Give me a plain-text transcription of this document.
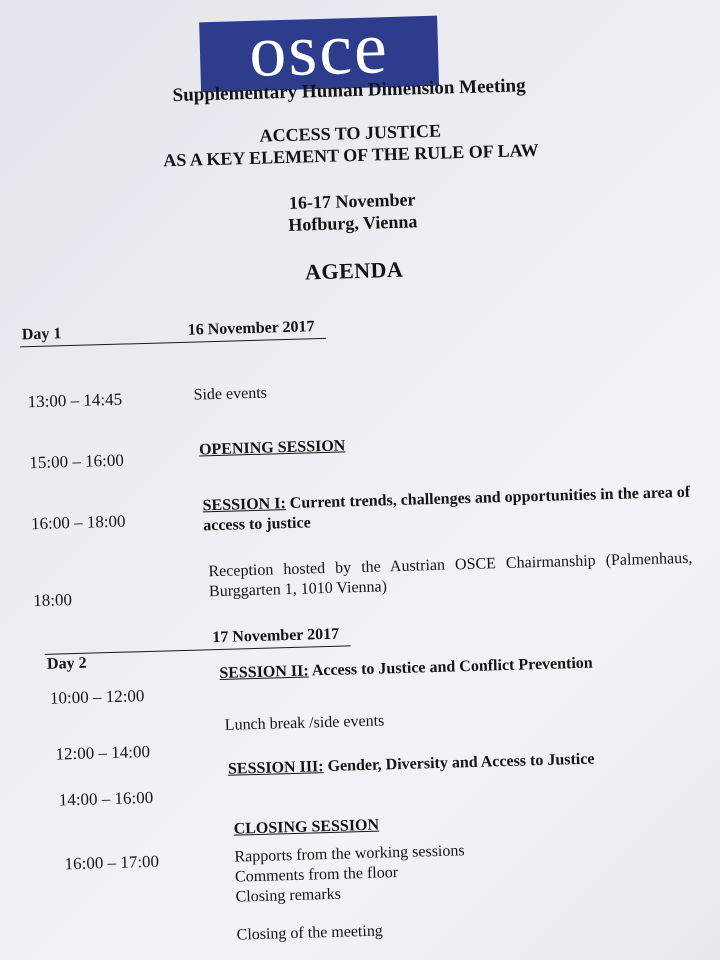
osce
Supplementary Human Dimension Meeting
ACCESS TO JUSTICE
AS A KEY ELEMENT OF THE RULE OF LAW
16-17 November
Hofburg, Vienna
AGENDA
Day 1	16 November 2017
13:00 – 14:45	Side events
15:00 – 16:00
OPENING SESSION
16:00 – 18:00
SESSION I: Current trends, challenges and opportunities in the area of access to justice
18:00
Reception hosted by the Austrian OSCE Chairmanship (Palmenhaus, Burggarten 1, 1010 Vienna)
Day 2
17 November 2017
10:00 – 12:00
SESSION II: Access to Justice and Conflict Prevention
12:00 – 14:00
Lunch break /side events
14:00 – 16:00
SESSION III: Gender, Diversity and Access to Justice
16:00 – 17:00
CLOSING SESSION
Rapports from the working sessions
Comments from the floor
Closing remarks
Closing of the meeting
